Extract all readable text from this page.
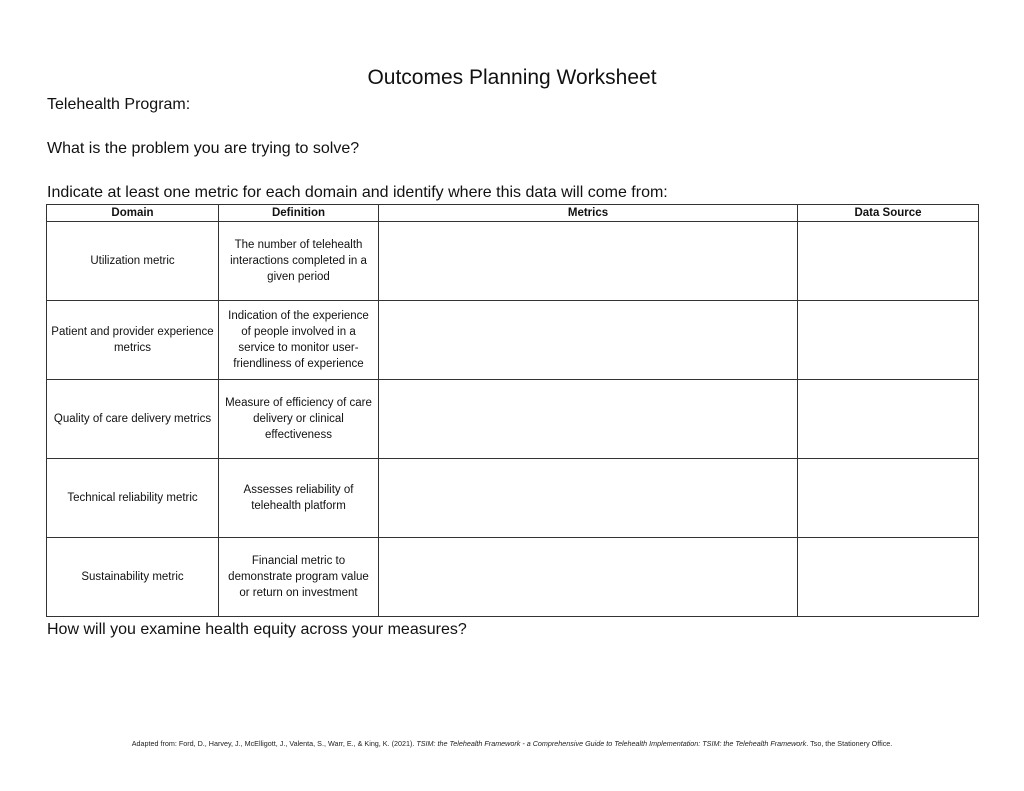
Outcomes Planning Worksheet
Telehealth Program:
What is the problem you are trying to solve?
Indicate at least one metric for each domain and identify where this data will come from:
Domain	Definition	Metrics	Data Source
Utilization metric	The number of telehealth interactions completed in a given period		
Patient and provider experience metrics	Indication of the experience of people involved in a service to monitor user-friendliness of experience		
Quality of care delivery metrics	Measure of efficiency of care delivery or clinical effectiveness		
Technical reliability metric	Assesses reliability of telehealth platform		
Sustainability metric	Financial metric to demonstrate program value or return on investment		
How will you examine health equity across your measures?
Adapted from: Ford, D., Harvey, J., McElligott, J., Valenta, S., Warr, E., & King, K. (2021). TSIM: the Telehealth Framework - a Comprehensive Guide to Telehealth Implementation: TSIM: the Telehealth Framework. Tso, the Stationery Office.
